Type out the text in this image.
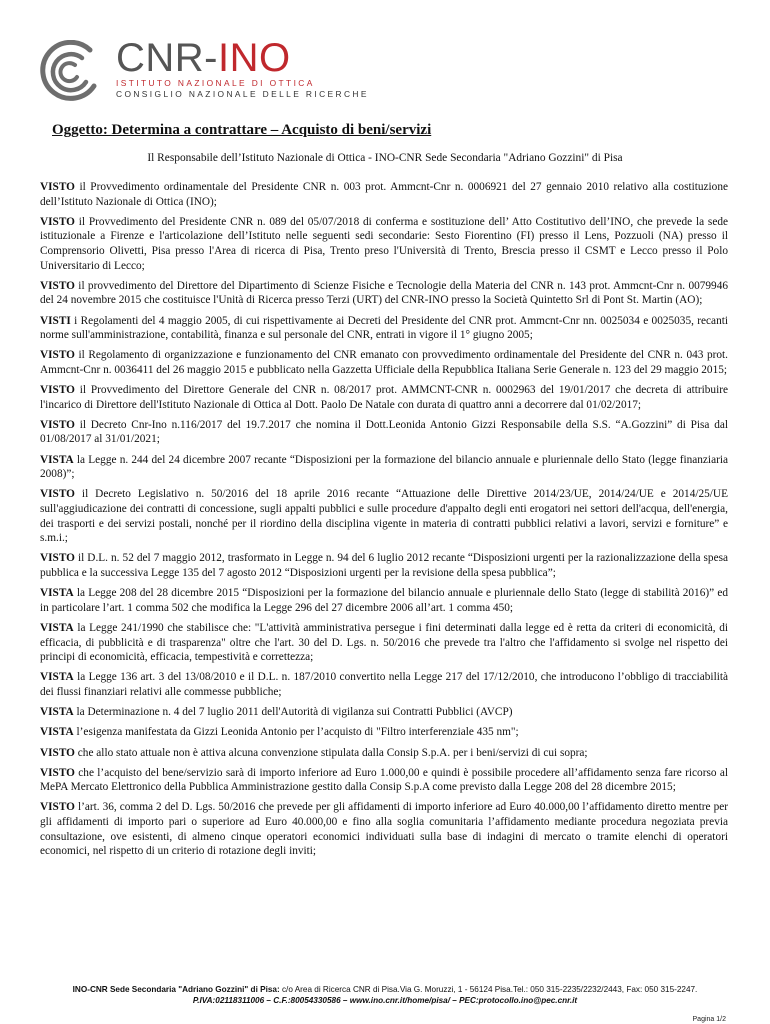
CNR-INO
ISTITUTO NAZIONALE DI OTTICA
CONSIGLIO NAZIONALE DELLE RICERCHE
Oggetto: Determina a contrattare – Acquisto di beni/servizi
Il Responsabile dell’Istituto Nazionale di Ottica - INO-CNR Sede Secondaria "Adriano Gozzini" di Pisa

VISTO il Provvedimento ordinamentale del Presidente CNR n. 003 prot. Ammcnt-Cnr n. 0006921 del 27 gennaio 2010 relativo alla costituzione dell’Istituto Nazionale di Ottica (INO);

VISTO il Provvedimento del Presidente CNR n. 089 del 05/07/2018 di conferma e sostituzione dell’ Atto Costitutivo dell’INO, che prevede la sede istituzionale a Firenze e l'articolazione dell’Istituto nelle seguenti sedi secondarie: Sesto Fiorentino (FI) presso il Lens, Pozzuoli (NA) presso il Comprensorio Olivetti, Pisa presso l'Area di ricerca di Pisa, Trento preso l'Università di Trento, Brescia presso il CSMT e Lecco presso il Polo Universitario di Lecco;

VISTO il provvedimento del Direttore del Dipartimento di Scienze Fisiche e Tecnologie della Materia del CNR n. 143 prot. Ammcnt-Cnr n. 0079946 del 24 novembre 2015 che costituisce l'Unità di Ricerca presso Terzi (URT) del CNR-INO presso la Società Quintetto Srl di Pont St. Martin (AO);

VISTI i Regolamenti del 4 maggio 2005, di cui rispettivamente ai Decreti del Presidente del CNR prot. Ammcnt-Cnr nn. 0025034 e 0025035, recanti norme sull'amministrazione, contabilità, finanza e sul personale del CNR, entrati in vigore il 1° giugno 2005;

VISTO il Regolamento di organizzazione e funzionamento del CNR emanato con provvedimento ordinamentale del Presidente del CNR n. 043 prot. Ammcnt-Cnr n. 0036411 del 26 maggio 2015 e pubblicato nella Gazzetta Ufficiale della Repubblica Italiana Serie Generale n. 123 del 29 maggio 2015;

VISTO il Provvedimento del Direttore Generale del CNR n. 08/2017 prot. AMMCNT-CNR n. 0002963 del 19/01/2017 che decreta di attribuire l'incarico di Direttore dell'Istituto Nazionale di Ottica al Dott. Paolo De Natale con durata di quattro anni a decorrere dal 01/02/2017;

VISTO il Decreto Cnr-Ino n.116/2017 del 19.7.2017 che nomina il Dott.Leonida Antonio Gizzi Responsabile della S.S. “A.Gozzini” di Pisa dal 01/08/2017 al 31/01/2021;

VISTA la Legge n. 244 del 24 dicembre 2007 recante “Disposizioni per la formazione del bilancio annuale e pluriennale dello Stato (legge finanziaria 2008)”;

VISTO il Decreto Legislativo n. 50/2016 del 18 aprile 2016 recante “Attuazione delle Direttive 2014/23/UE, 2014/24/UE e 2014/25/UE sull'aggiudicazione dei contratti di concessione, sugli appalti pubblici e sulle procedure d'appalto degli enti erogatori nei settori dell'acqua, dell'energia, dei trasporti e dei servizi postali, nonché per il riordino della disciplina vigente in materia di contratti pubblici relativi a lavori, servizi e forniture” e s.m.i.;

VISTO il D.L. n. 52 del 7 maggio 2012, trasformato in Legge n. 94 del 6 luglio 2012 recante “Disposizioni urgenti per la razionalizzazione della spesa pubblica e la successiva Legge 135 del 7 agosto 2012 “Disposizioni urgenti per la revisione della spesa pubblica”;

VISTA la Legge 208 del 28 dicembre 2015 “Disposizioni per la formazione del bilancio annuale e pluriennale dello Stato (legge di stabilità 2016)” ed in particolare l’art. 1 comma 502 che modifica la Legge 296 del 27 dicembre 2006 all’art. 1 comma 450;

VISTA la Legge 241/1990 che stabilisce che: "L'attività amministrativa persegue i fini determinati dalla legge ed è retta da criteri di economicità, di efficacia, di pubblicità e di trasparenza" oltre che l'art. 30 del D. Lgs. n. 50/2016 che prevede tra l'altro che l'affidamento si svolge nel rispetto dei principi di economicità, efficacia, tempestività e correttezza;

VISTA la Legge 136 art. 3 del 13/08/2010 e il D.L. n. 187/2010 convertito nella Legge 217 del 17/12/2010, che introducono l’obbligo di tracciabilità dei flussi finanziari relativi alle commesse pubbliche;

VISTA la Determinazione n. 4 del 7 luglio 2011 dell'Autorità di vigilanza sui Contratti Pubblici (AVCP)

VISTA l’esigenza manifestata da Gizzi Leonida Antonio per l’acquisto di "Filtro interferenziale 435 nm";

VISTO che allo stato attuale non è attiva alcuna convenzione stipulata dalla Consip S.p.A. per i beni/servizi di cui sopra;

VISTO che l’acquisto del bene/servizio sarà di importo inferiore ad Euro 1.000,00 e quindi è possibile procedere all’affidamento senza fare ricorso al MePA Mercato Elettronico della Pubblica Amministrazione gestito dalla Consip S.p.A come previsto dalla Legge 208 del 28 dicembre 2015;

VISTO l’art. 36, comma 2 del D. Lgs. 50/2016 che prevede per gli affidamenti di importo inferiore ad Euro 40.000,00 l’affidamento diretto mentre per gli affidamenti di importo pari o superiore ad Euro 40.000,00 e fino alla soglia comunitaria l’affidamento mediante procedura negoziata previa consultazione, ove esistenti, di almeno cinque operatori economici individuati sulla base di indagini di mercato o tramite elenchi di operatori economici, nel rispetto di un criterio di rotazione degli inviti;

INO-CNR Sede Secondaria "Adriano Gozzini" di Pisa: c/o Area di Ricerca CNR di Pisa.Via G. Moruzzi, 1 - 56124 Pisa.Tel.: 050 315-2235/2232/2443, Fax: 050 315-2247.
P.IVA:02118311006 – C.F.:80054330586 – www.ino.cnr.it/home/pisa/ – PEC:protocollo.ino@pec.cnr.it
Pagina 1/2
